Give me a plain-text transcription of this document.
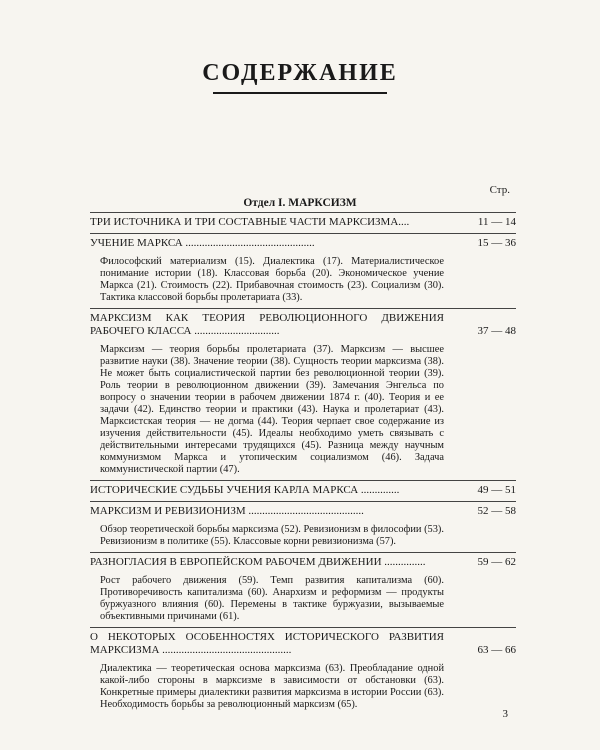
СОДЕРЖАНИЕ
Стр.
Отдел I. МАРКСИЗМ
ТРИ ИСТОЧНИКА И ТРИ СОСТАВНЫЕ ЧАСТИ МАРКСИЗМА....	11 — 14
УЧЕНИЕ МАРКСА ...............................................	15 — 36
Философский материализм (15). Диалектика (17). Материалистическое понимание истории (18). Классовая борьба (20). Экономическое учение Маркса (21). Стоимость (22). Прибавочная стоимость (23). Социализм (30). Тактика классовой борьбы пролетариата (33).
МАРКСИЗМ КАК ТЕОРИЯ РЕВОЛЮЦИОННОГО ДВИЖЕНИЯ РАБОЧЕГО КЛАССА ...............................	37 — 48
Марксизм — теория борьбы пролетариата (37). Марксизм — высшее развитие науки (38). Значение теории (38). Сущность теории марксизма (38). Не может быть социалистической партии без революционной теории (39). Роль теории в революционном движении (39). Замечания Энгельса по вопросу о значении теории в рабочем движении 1874 г. (40). Теория и ее задачи (42). Единство теории и практики (43). Наука и пролетариат (43). Марксистская теория — не догма (44). Теория черпает свое содержание из изучения действительности (45). Идеалы необходимо уметь связывать с действительными интересами трудящихся (45). Разница между научным коммунизмом Маркса и утопическим социализмом (46). Задача коммунистической партии (47).
ИСТОРИЧЕСКИЕ СУДЬБЫ УЧЕНИЯ КАРЛА МАРКСА ..............	49 — 51
МАРКСИЗМ И РЕВИЗИОНИЗМ ..........................................	52 — 58
Обзор теоретической борьбы марксизма (52). Ревизионизм в философии (53). Ревизионизм в политике (55). Классовые корни ревизионизма (57).
РАЗНОГЛАСИЯ В ЕВРОПЕЙСКОМ РАБОЧЕМ ДВИЖЕНИИ ...............	59 — 62
Рост рабочего движения (59). Темп развития капитализма (60). Противоречивость капитализма (60). Анархизм и реформизм — продукты буржуазного влияния (60). Перемены в тактике буржуазии, вызываемые объективными причинами (61).
О НЕКОТОРЫХ ОСОБЕННОСТЯХ ИСТОРИЧЕСКОГО РАЗВИТИЯ МАРКСИЗМА ...............................................	63 — 66
Диалектика — теоретическая основа марксизма (63). Преобладание одной какой-либо стороны в марксизме в зависимости от обстановки (63). Конкретные примеры диалектики развития марксизма в истории России (63). Необходимость борьбы за революционный марксизм (65).
3
